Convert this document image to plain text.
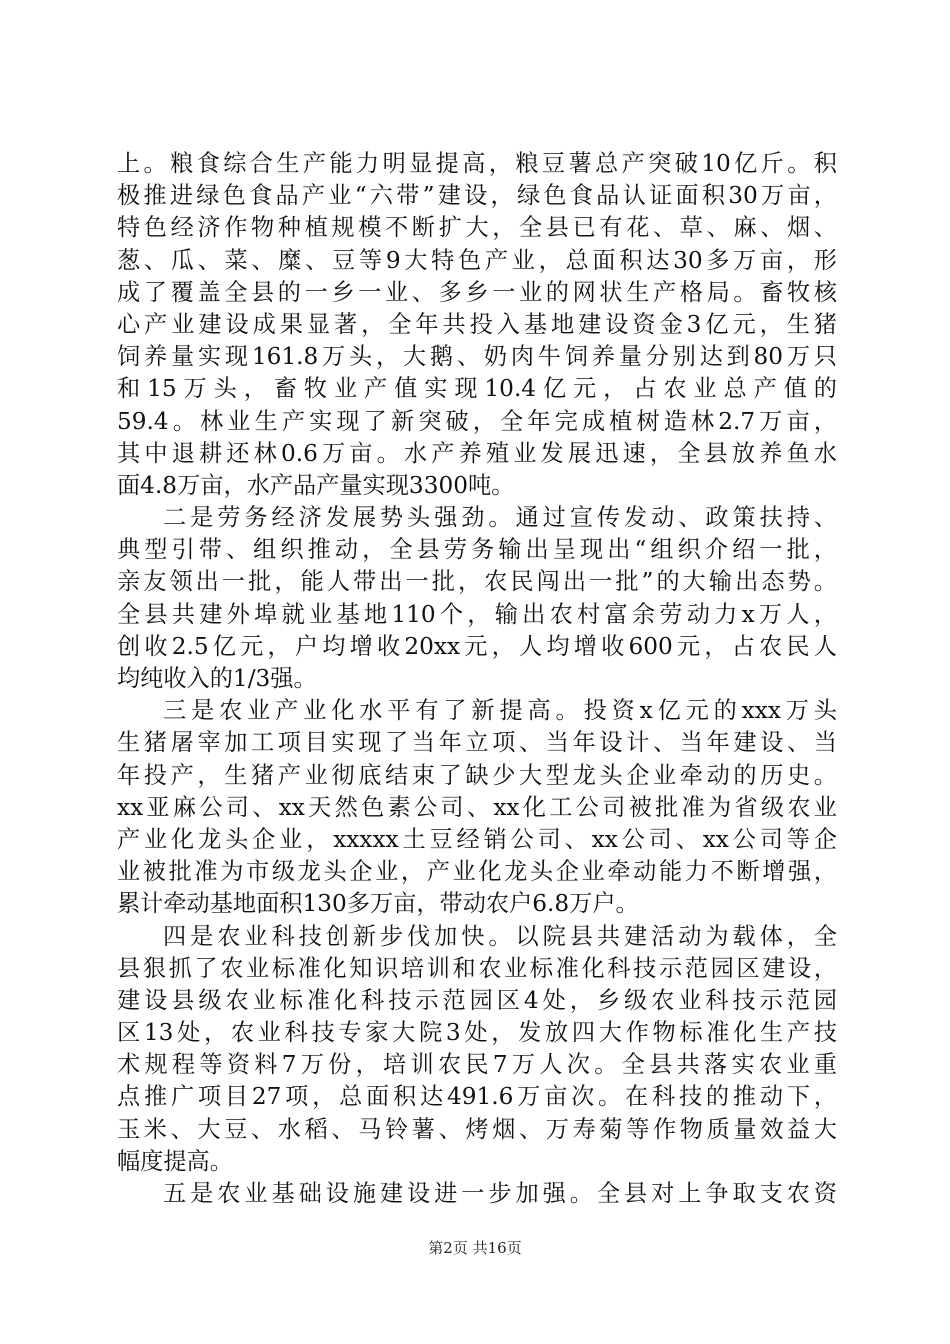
上。粮食综合生产能力明显提高，粮豆薯总产突破10亿斤。积
极推进绿色食品产业“六带”建设，绿色食品认证面积30万亩，
特色经济作物种植规模不断扩大，全县已有花、草、麻、烟、
葱、瓜、菜、糜、豆等9大特色产业，总面积达30多万亩，形
成了覆盖全县的一乡一业、多乡一业的网状生产格局。畜牧核
心产业建设成果显著，全年共投入基地建设资金3亿元，生猪
饲养量实现161.8万头，大鹅、奶肉牛饲养量分别达到80万只
和15万头，畜牧业产值实现10.4亿元，占农业总产值的
59.4。林业生产实现了新突破，全年完成植树造林2.7万亩，
其中退耕还林0.6万亩。水产养殖业发展迅速，全县放养鱼水
面4.8万亩，水产品产量实现3300吨。
二是劳务经济发展势头强劲。通过宣传发动、政策扶持、
典型引带、组织推动，全县劳务输出呈现出“组织介绍一批，
亲友领出一批，能人带出一批，农民闯出一批”的大输出态势。
全县共建外埠就业基地110个，输出农村富余劳动力x万人，
创收2.5亿元，户均增收20xx元，人均增收600元，占农民人
均纯收入的1/3强。
三是农业产业化水平有了新提高。投资x亿元的xxx万头
生猪屠宰加工项目实现了当年立项、当年设计、当年建设、当
年投产，生猪产业彻底结束了缺少大型龙头企业牵动的历史。
xx亚麻公司、xx天然色素公司、xx化工公司被批准为省级农业
产业化龙头企业，xxxxx土豆经销公司、xx公司、xx公司等企
业被批准为市级龙头企业，产业化龙头企业牵动能力不断增强，
累计牵动基地面积130多万亩，带动农户6.8万户。
四是农业科技创新步伐加快。以院县共建活动为载体，全
县狠抓了农业标准化知识培训和农业标准化科技示范园区建设，
建设县级农业标准化科技示范园区4处，乡级农业科技示范园
区13处，农业科技专家大院3处，发放四大作物标准化生产技
术规程等资料7万份，培训农民7万人次。全县共落实农业重
点推广项目27项，总面积达491.6万亩次。在科技的推动下，
玉米、大豆、水稻、马铃薯、烤烟、万寿菊等作物质量效益大
幅度提高。
五是农业基础设施建设进一步加强。全县对上争取支农资
第2页 共16页
